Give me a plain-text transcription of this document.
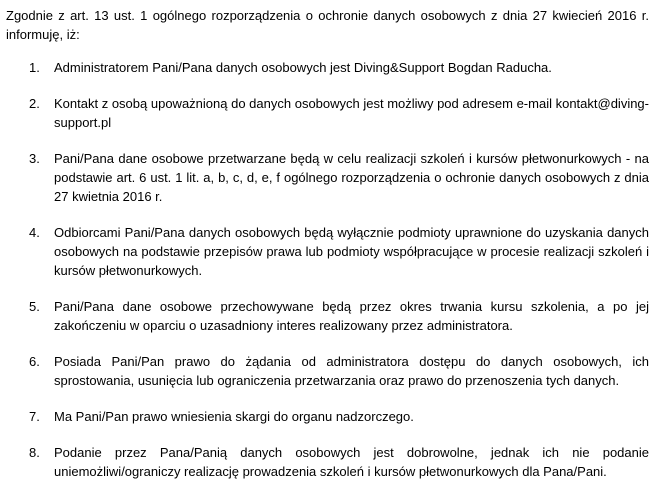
Zgodnie z art. 13 ust. 1 ogólnego rozporządzenia o ochronie danych osobowych z dnia 27 kwiecień 2016 r. informuję, iż:

1. Administratorem Pani/Pana danych osobowych jest Diving&Support Bogdan Raducha.
2. Kontakt z osobą upoważnioną do danych osobowych jest możliwy pod adresem e-mail kontakt@diving-support.pl
3. Pani/Pana dane osobowe przetwarzane będą w celu realizacji szkoleń i kursów płetwonurkowych - na podstawie art. 6 ust. 1 lit. a, b, c, d, e, f ogólnego rozporządzenia o ochronie danych osobowych z dnia 27 kwietnia 2016 r.
4. Odbiorcami Pani/Pana danych osobowych będą wyłącznie podmioty uprawnione do uzyskania danych osobowych na podstawie przepisów prawa lub podmioty współpracujące w procesie realizacji szkoleń i kursów płetwonurkowych.
5. Pani/Pana dane osobowe przechowywane będą przez okres trwania kursu szkolenia, a po jej zakończeniu w oparciu o uzasadniony interes realizowany przez administratora.
6. Posiada Pani/Pan prawo do żądania od administratora dostępu do danych osobowych, ich sprostowania, usunięcia lub ograniczenia przetwarzania oraz prawo do przenoszenia tych danych.
7. Ma Pani/Pan prawo wniesienia skargi do organu nadzorczego.
8. Podanie przez Pana/Panią danych osobowych jest dobrowolne, jednak ich nie podanie uniemożliwi/ograniczy realizację prowadzenia szkoleń i kursów płetwonurkowych dla Pana/Pani.
